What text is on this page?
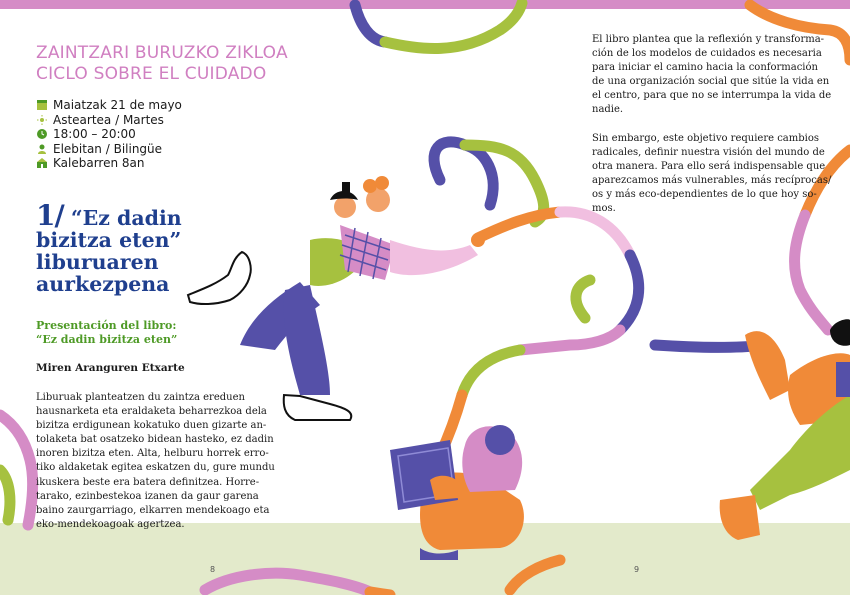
ZAINTZARI BURUZKO ZIKLOA
CICLO SOBRE EL CUIDADO
Maiatzak 21 de mayo
Asteartea / Martes
18:00 – 20:00
Elebitan / Bilingüe
Kalebarren 8an
1/ “Ez dadin
bizitza eten”
liburuaren
aurkezpena
Presentación del libro:
“Ez dadin bizitza eten”

Miren Aranguren Etxarte

Liburuak planteatzen du zaintza ereduen
hausnarketa eta eraldaketa beharrezkoa dela
bizitza erdigunean kokatuko duen gizarte an-
tolaketa bat osatzeko bidean hasteko, ez dadin
inoren bizitza eten. Alta, helburu horrek erro-
tiko aldaketak egitea eskatzen du, gure mundu
ikuskera beste era batera definitzea. Horre-
tarako, ezinbestekoa izanen da gaur garena
baino zaurgarriago, elkarren mendekoago eta
eko-mendekoagoak agertzea.
El libro plantea que la reflexión y transforma-
ción de los modelos de cuidados es necesaria
para iniciar el camino hacia la conformación
de una organización social que sitúe la vida en
el centro, para que no se interrumpa la vida de
nadie.
Sin embargo, este objetivo requiere cambios
radicales, definir nuestra visión del mundo de
otra manera. Para ello será indispensable que
aparezcamos más vulnerables, más recíprocas/
os y más eco-dependientes de lo que hoy so-
mos.
8	9
